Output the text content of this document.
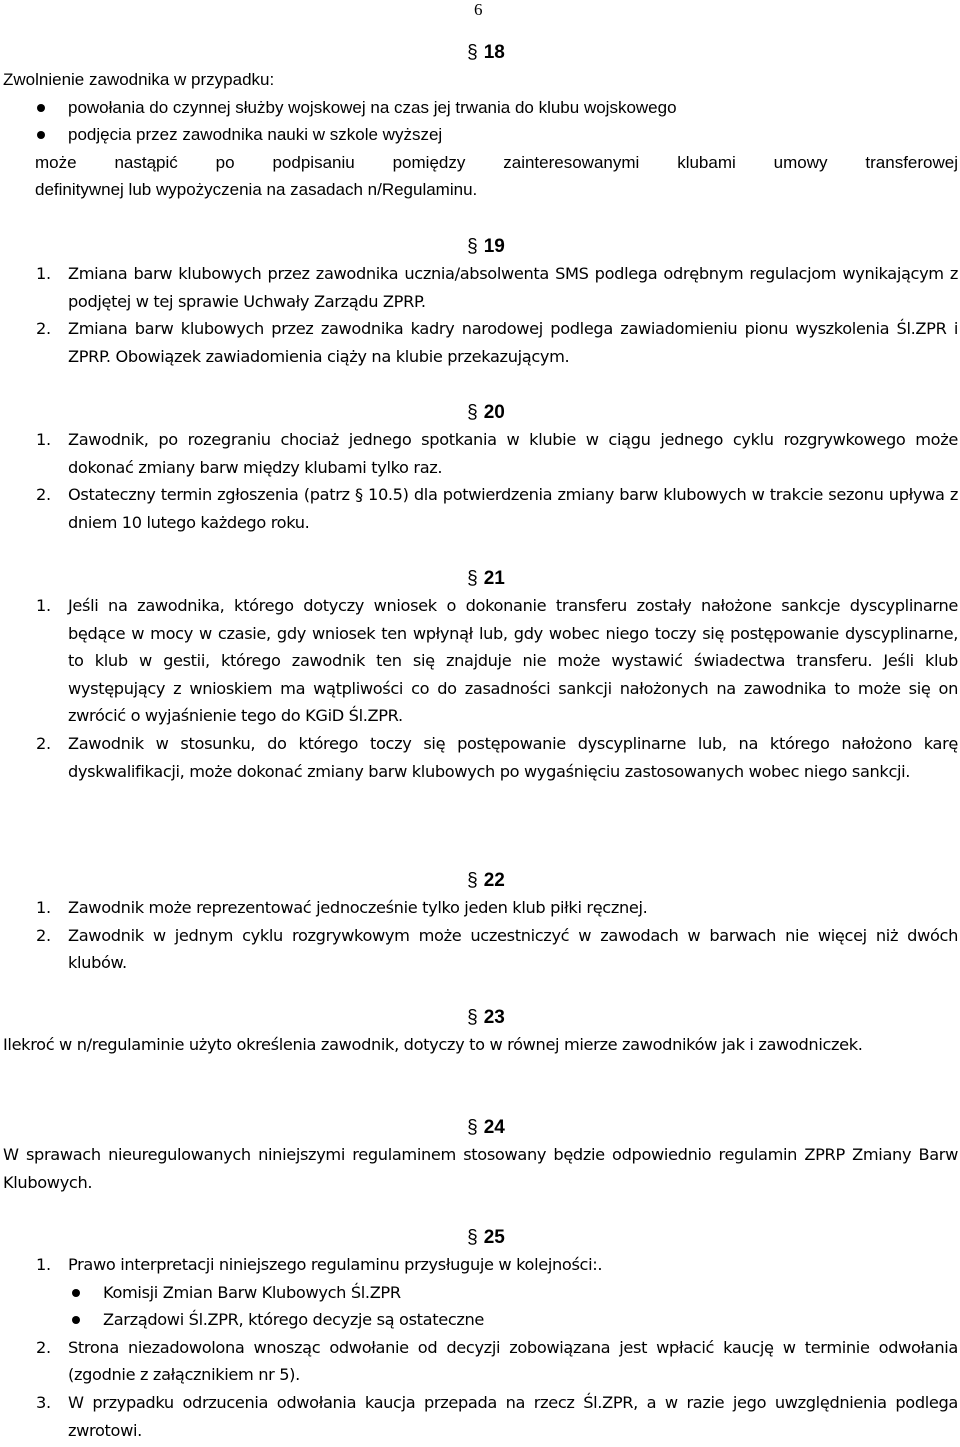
6
§ 18
Zwolnienie zawodnika w przypadku:
powołania do czynnej służby wojskowej na czas jej trwania do klubu wojskowego
podjęcia przez zawodnika nauki w szkole wyższej
może nastąpić po podpisaniu pomiędzy zainteresowanymi klubami umowy transferowej
definitywnej lub wypożyczenia na zasadach n/Regulaminu.
§ 19
1. Zmiana barw klubowych przez zawodnika ucznia/absolwenta SMS podlega odrębnym regulacjom wynikającym z podjętej w tej sprawie Uchwały Zarządu ZPRP.
2. Zmiana barw klubowych przez zawodnika kadry narodowej podlega zawiadomieniu pionu wyszkolenia Śl.ZPR i ZPRP. Obowiązek zawiadomienia ciąży na klubie przekazującym.
§ 20
1. Zawodnik, po rozegraniu chociaż jednego spotkania w klubie w ciągu jednego cyklu rozgrywkowego może dokonać zmiany barw między klubami tylko raz.
2. Ostateczny termin zgłoszenia (patrz § 10.5) dla potwierdzenia zmiany barw klubowych w trakcie sezonu upływa z dniem 10 lutego każdego roku.
§ 21
1. Jeśli na zawodnika, którego dotyczy wniosek o dokonanie transferu zostały nałożone sankcje dyscyplinarne będące w mocy w czasie, gdy wniosek ten wpłynął lub, gdy wobec niego toczy się postępowanie dyscyplinarne, to klub w gestii, którego zawodnik ten się znajduje nie może wystawić świadectwa transferu. Jeśli klub występujący z wnioskiem ma wątpliwości co do zasadności sankcji nałożonych na zawodnika to może się on zwrócić o wyjaśnienie tego do KGiD Śl.ZPR.
2. Zawodnik w stosunku, do którego toczy się postępowanie dyscyplinarne lub, na którego nałożono karę dyskwalifikacji, może dokonać zmiany barw klubowych po wygaśnięciu zastosowanych wobec niego sankcji.
§ 22
1. Zawodnik może reprezentować jednocześnie tylko jeden klub piłki ręcznej.
2. Zawodnik w jednym cyklu rozgrywkowym może uczestniczyć w zawodach w barwach nie więcej niż dwóch klubów.
§ 23
Ilekroć w n/regulaminie użyto określenia zawodnik, dotyczy to w równej mierze zawodników jak i zawodniczek.
§ 24
W sprawach nieuregulowanych niniejszymi regulaminem stosowany będzie odpowiednio regulamin ZPRP Zmiany Barw Klubowych.
§ 25
1. Prawo interpretacji niniejszego regulaminu przysługuje w kolejności:.
Komisji Zmian Barw Klubowych Śl.ZPR
Zarządowi Śl.ZPR, którego decyzje są ostateczne
2. Strona niezadowolona wnosząc odwołanie od decyzji zobowiązana jest wpłacić kaucję w terminie odwołania (zgodnie z załącznikiem nr 5).
3. W przypadku odrzucenia odwołania kaucja przepada na rzecz Śl.ZPR, a w razie jego uwzględnienia podlega zwrotowi.
